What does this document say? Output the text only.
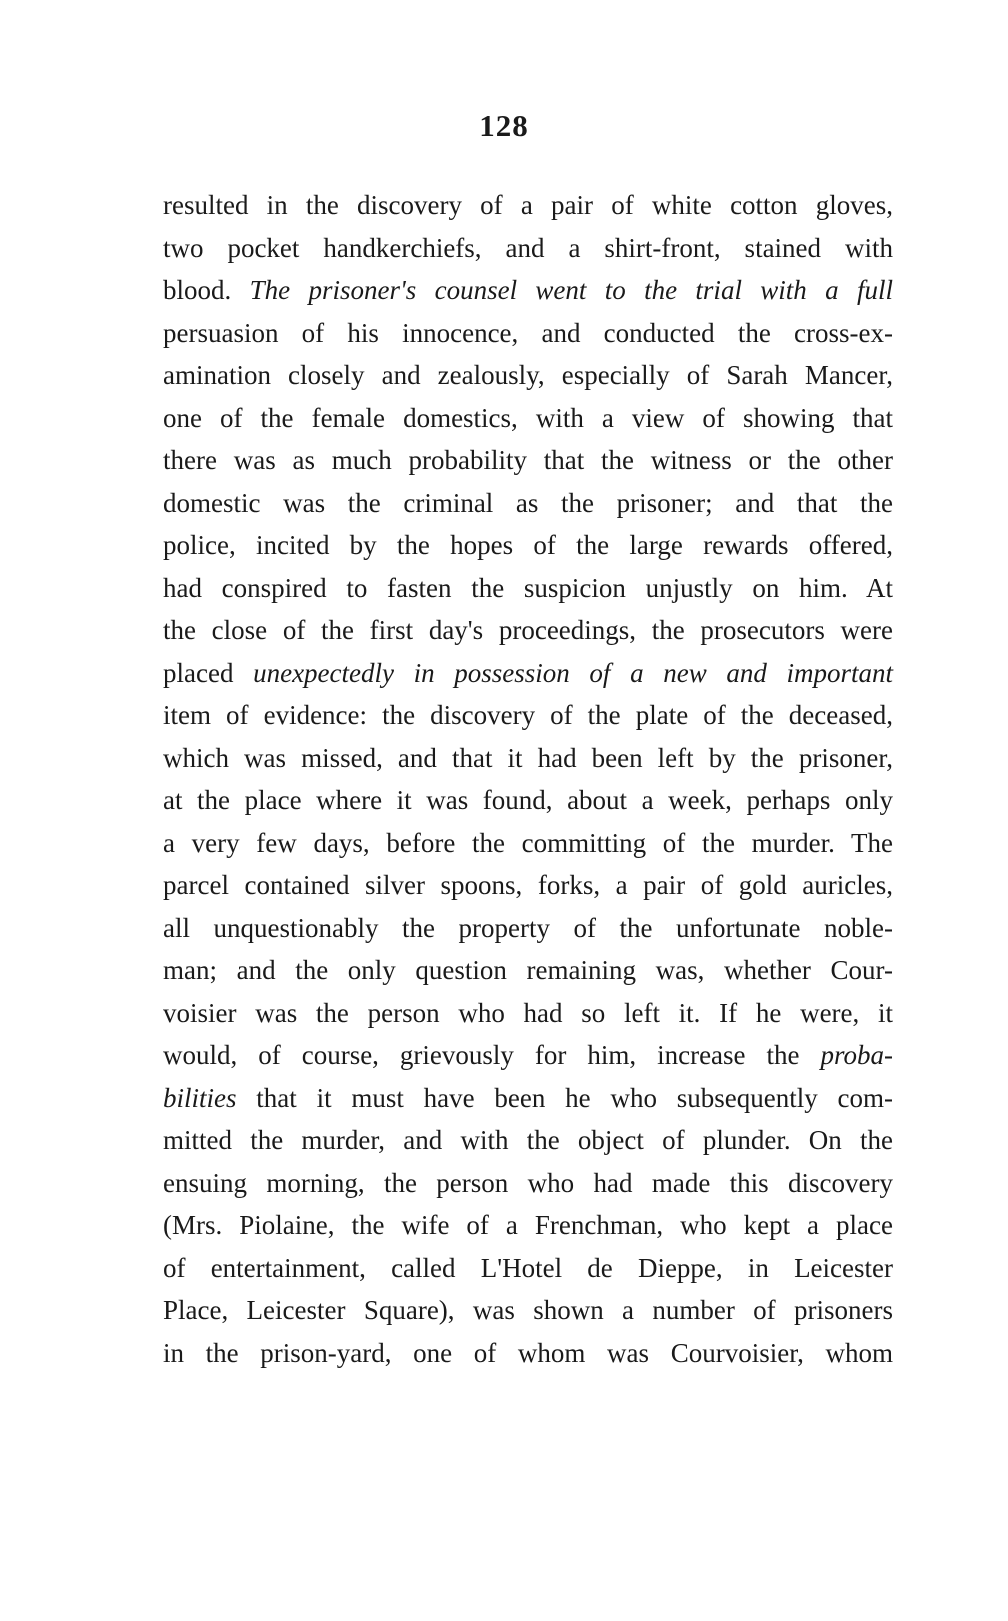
128
resulted in the discovery of a pair of white cotton gloves,
two pocket handkerchiefs, and a shirt-front, stained with
blood. The prisoner's counsel went to the trial with a full
persuasion of his innocence, and conducted the cross-ex-
amination closely and zealously, especially of Sarah Mancer,
one of the female domestics, with a view of showing that
there was as much probability that the witness or the other
domestic was the criminal as the prisoner; and that the
police, incited by the hopes of the large rewards offered,
had conspired to fasten the suspicion unjustly on him. At
the close of the first day's proceedings, the prosecutors were
placed unexpectedly in possession of a new and important
item of evidence: the discovery of the plate of the deceased,
which was missed, and that it had been left by the prisoner,
at the place where it was found, about a week, perhaps only
a very few days, before the committing of the murder. The
parcel contained silver spoons, forks, a pair of gold auricles,
all unquestionably the property of the unfortunate noble-
man; and the only question remaining was, whether Cour-
voisier was the person who had so left it. If he were, it
would, of course, grievously for him, increase the proba-
bilities that it must have been he who subsequently com-
mitted the murder, and with the object of plunder. On the
ensuing morning, the person who had made this discovery
(Mrs. Piolaine, the wife of a Frenchman, who kept a place
of entertainment, called L'Hotel de Dieppe, in Leicester
Place, Leicester Square), was shown a number of prisoners
in the prison-yard, one of whom was Courvoisier, whom
